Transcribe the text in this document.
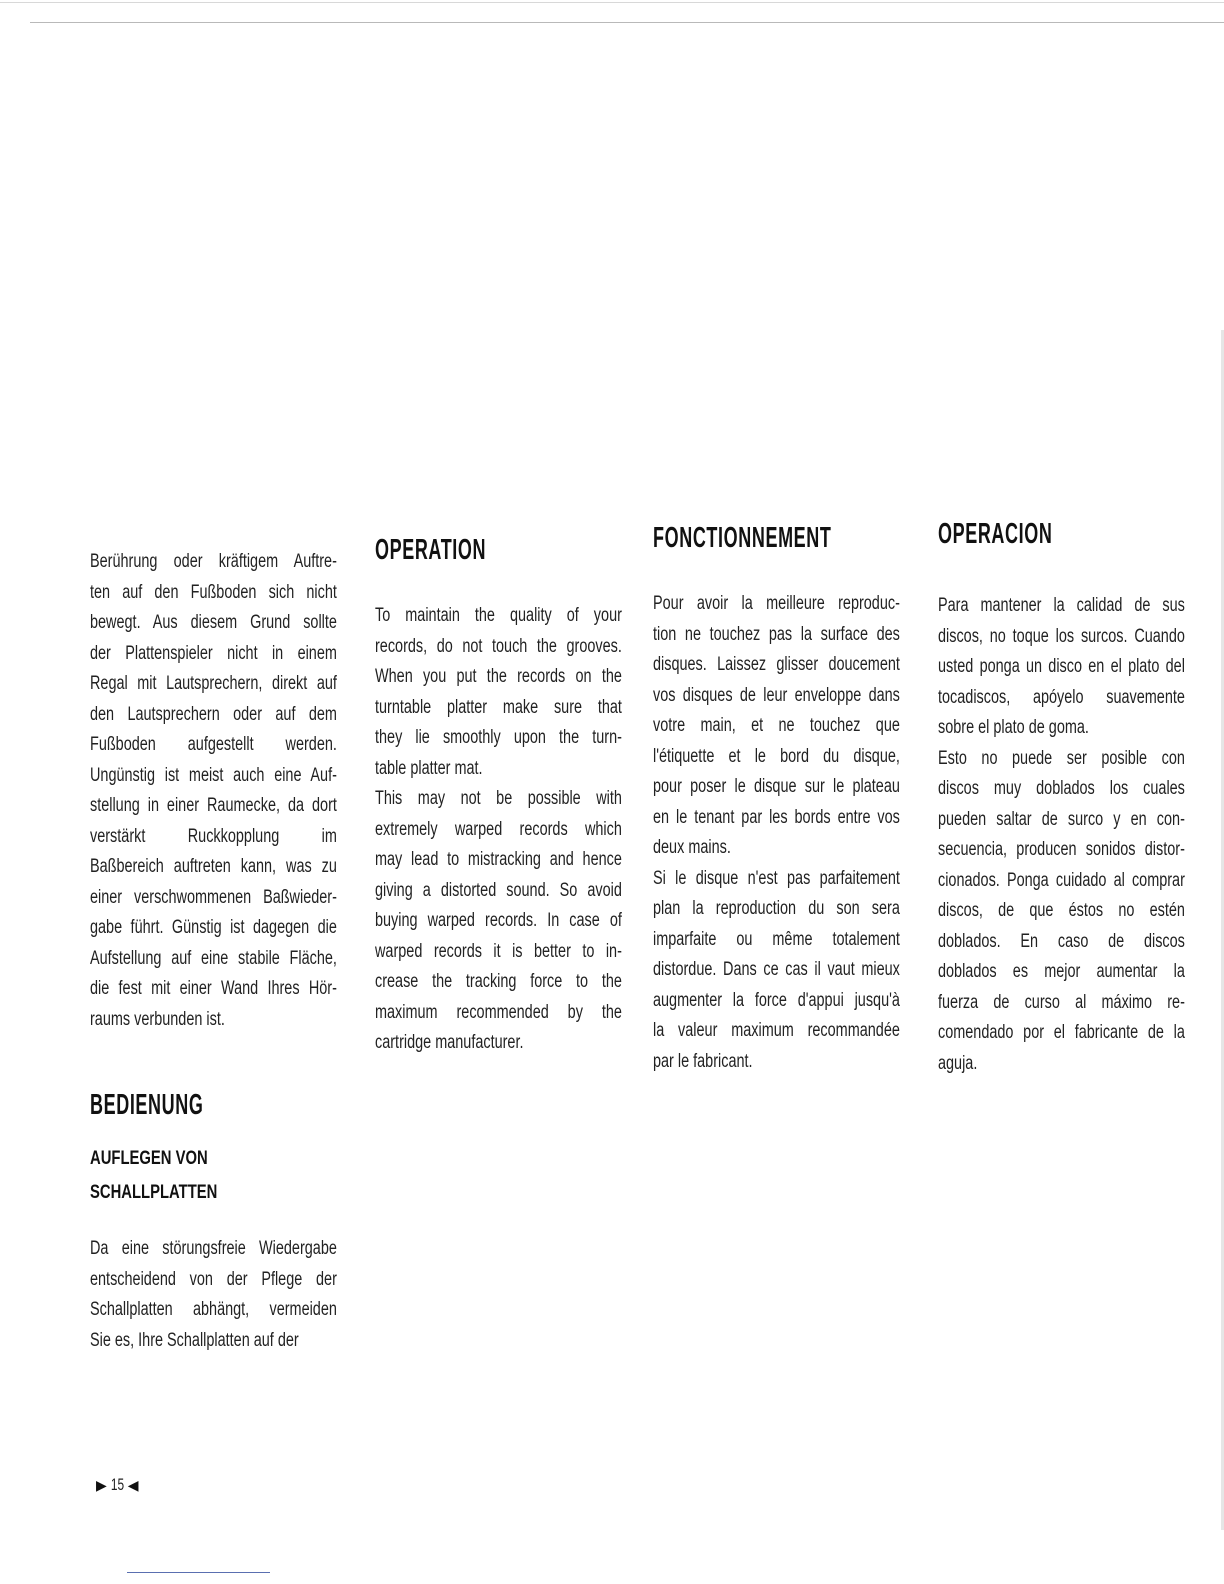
Berührung oder kräftigem Auftre-
ten auf den Fußboden sich nicht
bewegt. Aus diesem Grund sollte
der Plattenspieler nicht in einem
Regal mit Lautsprechern, direkt auf
den Lautsprechern oder auf dem
Fußboden aufgestellt werden.
Ungünstig ist meist auch eine Auf-
stellung in einer Raumecke, da dort
verstärkt Ruckkopplung im
Baßbereich auftreten kann, was zu
einer verschwommenen Baßwieder-
gabe führt. Günstig ist dagegen die
Aufstellung auf eine stabile Fläche,
die fest mit einer Wand Ihres Hör-
raums verbunden ist.

BEDIENUNG
AUFLEGEN VON
SCHALLPLATTEN

Da eine störungsfreie Wiedergabe
entscheidend von der Pflege der
Schallplatten abhängt, vermeiden
Sie es, Ihre Schallplatten auf der

OPERATION

To maintain the quality of your
records, do not touch the grooves.
When you put the records on the
turntable platter make sure that
they lie smoothly upon the turn-
table platter mat.

This may not be possible with
extremely warped records which
may lead to mistracking and hence
giving a distorted sound. So avoid
buying warped records. In case of
warped records it is better to in-
crease the tracking force to the
maximum recommended by the
cartridge manufacturer.

FONCTIONNEMENT

Pour avoir la meilleure reproduc-
tion ne touchez pas la surface des
disques. Laissez glisser doucement
vos disques de leur enveloppe dans
votre main, et ne touchez que
l'étiquette et le bord du disque,
pour poser le disque sur le plateau
en le tenant par les bords entre vos
deux mains.

Si le disque n'est pas parfaitement
plan la reproduction du son sera
imparfaite ou même totalement
distordue. Dans ce cas il vaut mieux
augmenter la force d'appui jusqu'à
la valeur maximum recommandée
par le fabricant.

OPERACION

Para mantener la calidad de sus
discos, no toque los surcos. Cuando
usted ponga un disco en el plato del
tocadiscos, apóyelo suavemente
sobre el plato de goma.

Esto no puede ser posible con
discos muy doblados los cuales
pueden saltar de surco y en con-
secuencia, producen sonidos distor-
cionados. Ponga cuidado al comprar
discos, de que éstos no estén
doblados. En caso de discos
doblados es mejor aumentar la
fuerza de curso al máximo re-
comendado por el fabricante de la
aguja.

▶ 15 ◀
